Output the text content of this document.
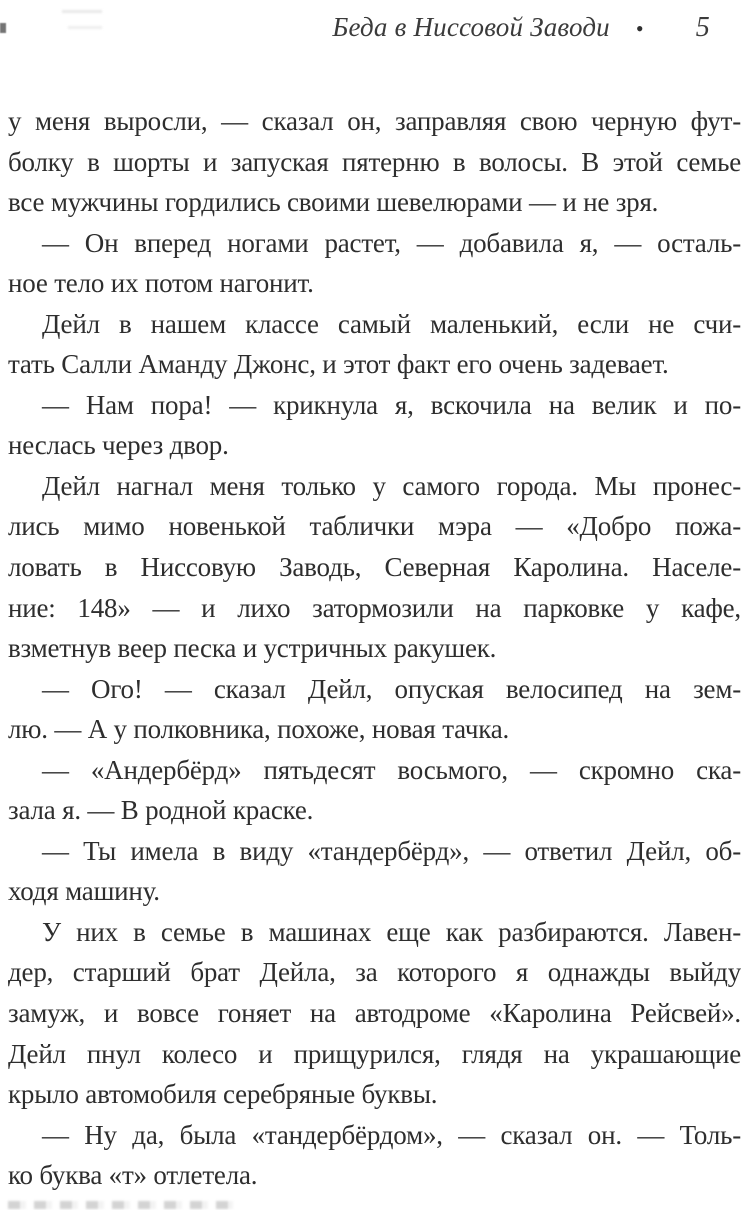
Беда в Ниссовой Заводи • 5
у меня выросли, — сказал он, заправляя свою черную фут-
болку в шорты и запуская пятерню в волосы. В этой семье
все мужчины гордились своими шевелюрами — и не зря.
— Он вперед ногами растет, — добавила я, — осталь-
ное тело их потом нагонит.
Дейл в нашем классе самый маленький, если не счи-
тать Салли Аманду Джонс, и этот факт его очень задевает.
— Нам пора! — крикнула я, вскочила на велик и по-
неслась через двор.
Дейл нагнал меня только у самого города. Мы пронес-
лись мимо новенькой таблички мэра — «Добро пожа-
ловать в Ниссовую Заводь, Северная Каролина. Населе-
ние: 148» — и лихо затормозили на парковке у кафе,
взметнув веер песка и устричных ракушек.
— Ого! — сказал Дейл, опуская велосипед на зем-
лю. — А у полковника, похоже, новая тачка.
— «Андербёрд» пятьдесят восьмого, — скромно ска-
зала я. — В родной краске.
— Ты имела в виду «тандербёрд», — ответил Дейл, об-
ходя машину.
У них в семье в машинах еще как разбираются. Лавен-
дер, старший брат Дейла, за которого я однажды выйду
замуж, и вовсе гоняет на автодроме «Каролина Рейсвей».
Дейл пнул колесо и прищурился, глядя на украшающие
крыло автомобиля серебряные буквы.
— Ну да, была «тандербёрдом», — сказал он. — Толь-
ко буква «т» отлетела.
